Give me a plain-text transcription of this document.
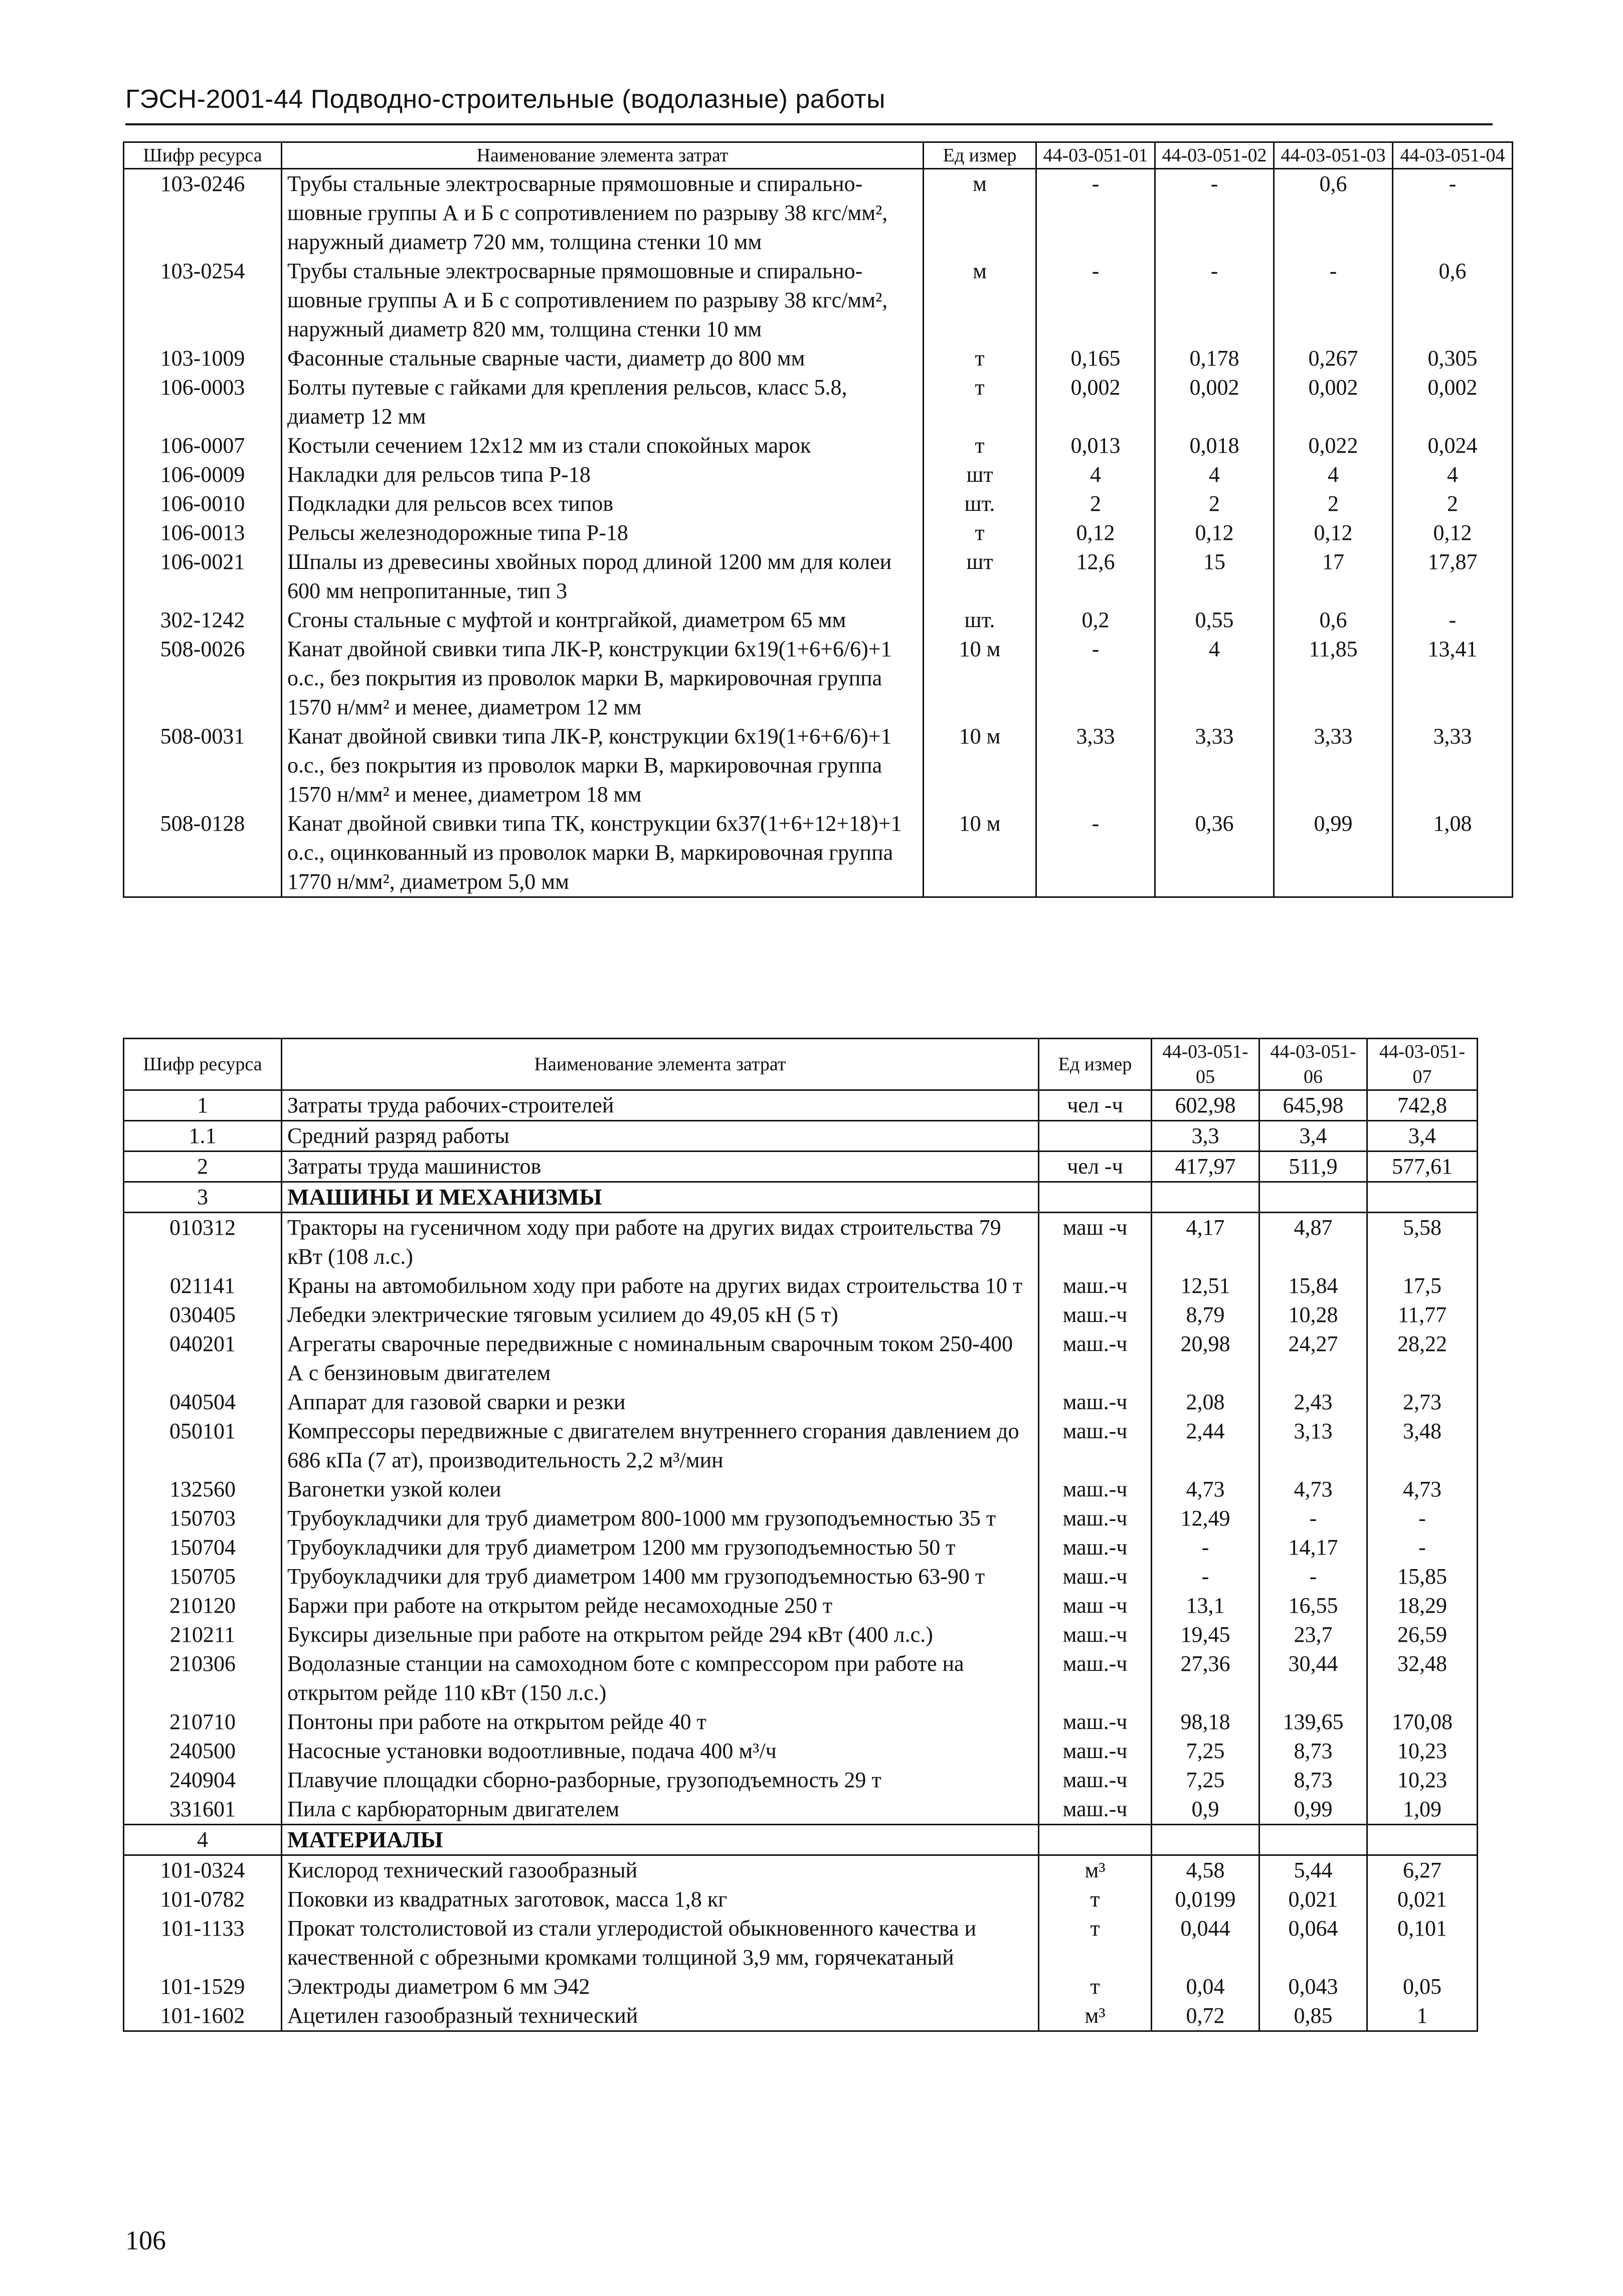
ГЭСН-2001-44 Подводно-строительные (водолазные) работы
Шифр ресурса	Наименование элемента затрат	Ед измер	44-03-051-01	44-03-051-02	44-03-051-03	44-03-051-04
103-0246	Трубы стальные электросварные прямошовные и спирально-шовные группы А и Б с сопротивлением по разрыву 38 кгс/мм², наружный диаметр 720 мм, толщина стенки 10 мм	м	-	-	0,6	-
103-0254	Трубы стальные электросварные прямошовные и спирально-шовные группы А и Б с сопротивлением по разрыву 38 кгс/мм², наружный диаметр 820 мм, толщина стенки 10 мм	м	-	-	-	0,6
103-1009	Фасонные стальные сварные части, диаметр до 800 мм	т	0,165	0,178	0,267	0,305
106-0003	Болты путевые с гайками для крепления рельсов, класс 5.8, диаметр 12 мм	т	0,002	0,002	0,002	0,002
106-0007	Костыли сечением 12x12 мм из стали спокойных марок	т	0,013	0,018	0,022	0,024
106-0009	Накладки для рельсов типа Р-18	шт	4	4	4	4
106-0010	Подкладки для рельсов всех типов	шт.	2	2	2	2
106-0013	Рельсы железнодорожные типа Р-18	т	0,12	0,12	0,12	0,12
106-0021	Шпалы из древесины хвойных пород длиной 1200 мм для колеи 600 мм непропитанные, тип 3	шт	12,6	15	17	17,87
302-1242	Сгоны стальные с муфтой и контргайкой, диаметром 65 мм	шт.	0,2	0,55	0,6	-
508-0026	Канат двойной свивки типа ЛК-Р, конструкции 6x19(1+6+6/6)+1 о.с., без покрытия из проволок марки В, маркировочная группа 1570 н/мм² и менее, диаметром 12 мм	10 м	-	4	11,85	13,41
508-0031	Канат двойной свивки типа ЛК-Р, конструкции 6x19(1+6+6/6)+1 о.с., без покрытия из проволок марки В, маркировочная группа 1570 н/мм² и менее, диаметром 18 мм	10 м	3,33	3,33	3,33	3,33
508-0128	Канат двойной свивки типа ТК, конструкции 6x37(1+6+12+18)+1 о.с., оцинкованный из проволок марки В, маркировочная группа 1770 н/мм², диаметром 5,0 мм	10 м	-	0,36	0,99	1,08
Шифр ресурса	Наименование элемента затрат	Ед измер	44-03-051-05	44-03-051-06	44-03-051-07
1	Затраты труда рабочих-строителей	чел -ч	602,98	645,98	742,8
1.1	Средний разряд работы		3,3	3,4	3,4
2	Затраты труда машинистов	чел -ч	417,97	511,9	577,61
3	МАШИНЫ И МЕХАНИЗМЫ				
010312	Тракторы на гусеничном ходу при работе на других видах строительства 79 кВт (108 л.с.)	маш -ч	4,17	4,87	5,58
021141	Краны на автомобильном ходу при работе на других видах строительства 10 т	маш.-ч	12,51	15,84	17,5
030405	Лебедки электрические тяговым усилием до 49,05 кН (5 т)	маш.-ч	8,79	10,28	11,77
040201	Агрегаты сварочные передвижные с номинальным сварочным током 250-400 А с бензиновым двигателем	маш.-ч	20,98	24,27	28,22
040504	Аппарат для газовой сварки и резки	маш.-ч	2,08	2,43	2,73
050101	Компрессоры передвижные с двигателем внутреннего сгорания давлением до 686 кПа (7 ат), производительность 2,2 м³/мин	маш.-ч	2,44	3,13	3,48
132560	Вагонетки узкой колеи	маш.-ч	4,73	4,73	4,73
150703	Трубоукладчики для труб диаметром 800-1000 мм грузоподъемностью 35 т	маш.-ч	12,49	-	-
150704	Трубоукладчики для труб диаметром 1200 мм грузоподъемностью 50 т	маш.-ч	-	14,17	-
150705	Трубоукладчики для труб диаметром 1400 мм грузоподъемностью 63-90 т	маш.-ч	-	-	15,85
210120	Баржи при работе на открытом рейде несамоходные 250 т	маш -ч	13,1	16,55	18,29
210211	Буксиры дизельные при работе на открытом рейде 294 кВт (400 л.с.)	маш.-ч	19,45	23,7	26,59
210306	Водолазные станции на самоходном боте с компрессором при работе на открытом рейде 110 кВт (150 л.с.)	маш.-ч	27,36	30,44	32,48
210710	Понтоны при работе на открытом рейде 40 т	маш.-ч	98,18	139,65	170,08
240500	Насосные установки водоотливные, подача 400 м³/ч	маш.-ч	7,25	8,73	10,23
240904	Плавучие площадки сборно-разборные, грузоподъемность 29 т	маш.-ч	7,25	8,73	10,23
331601	Пила с карбюраторным двигателем	маш.-ч	0,9	0,99	1,09
4	МАТЕРИАЛЫ				
101-0324	Кислород технический газообразный	м³	4,58	5,44	6,27
101-0782	Поковки из квадратных заготовок, масса 1,8 кг	т	0,0199	0,021	0,021
101-1133	Прокат толстолистовой из стали углеродистой обыкновенного качества и качественной с обрезными кромками толщиной 3,9 мм, горячекатаный	т	0,044	0,064	0,101
101-1529	Электроды диаметром 6 мм Э42	т	0,04	0,043	0,05
101-1602	Ацетилен газообразный технический	м³	0,72	0,85	1
106
